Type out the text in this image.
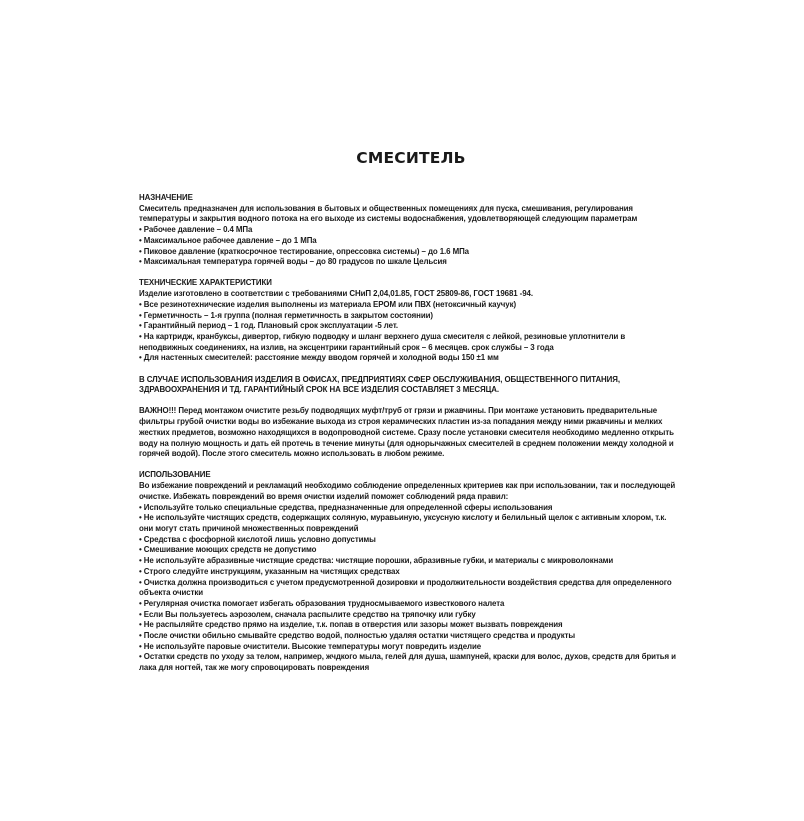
СМЕСИТЕЛЬ
НАЗНАЧЕНИЕ
Смеситель предназначен для использования в бытовых и общественных помещениях для пуска, смешивания, регулирования температуры и закрытия водного потока на его выходе из системы водоснабжения, удовлетворяющей следующим параметрам
• Рабочее давление – 0.4 МПа
• Максимальное рабочее давление – до 1 МПа
• Пиковое давление (краткосрочное тестирование, опрессовка системы) – до 1.6 МПа
• Максимальная температура горячей воды – до 80 градусов по шкале Цельсия
ТЕХНИЧЕСКИЕ ХАРАКТЕРИСТИКИ
Изделие изготовлено в соответствии с требованиями СНиП 2,04,01.85, ГОСТ 25809-86, ГОСТ 19681 -94.
• Все резинотехнические изделия выполнены из материала EPOM или ПВХ (нетоксичный каучук)
• Герметичность – 1-я группа (полная герметичность в закрытом состоянии)
• Гарантийный период – 1 год. Плановый срок эксплуатации -5 лет.
• На картридж, кранбуксы, дивертор, гибкую подводку и шланг верхнего душа смесителя с лейкой, резиновые уплотнители в неподвижных соединениях, на излив, на эксцентрики гарантийный срок – 6 месяцев. срок службы – 3 года
• Для настенных смесителей: расстояние между вводом горячей и холодной воды 150 ±1 мм
В СЛУЧАЕ ИСПОЛЬЗОВАНИЯ ИЗДЕЛИЯ В ОФИСАХ, ПРЕДПРИЯТИЯХ СФЕР ОБСЛУЖИВАНИЯ, ОБЩЕСТВЕННОГО ПИТАНИЯ, ЗДРАВООХРАНЕНИЯ И ТД. ГАРАНТИЙНЫЙ СРОК НА ВСЕ ИЗДЕЛИЯ СОСТАВЛЯЕТ 3 МЕСЯЦА.
ВАЖНО!!! Перед монтажом очистите резьбу подводящих муфт/труб от грязи и ржавчины. При монтаже установить предварительные фильтры грубой очистки воды во избежание выхода из строя керамических пластин из-за попадания между ними ржавчины и мелких жестких предметов, возможно находящихся в водопроводной системе. Сразу после установки смесителя необходимо медленно открыть воду на полную мощность и дать ей протечь в течение минуты (для однорычажных смесителей в среднем положении между холодной и горячей водой). После этого смеситель можно использовать в любом режиме.
ИСПОЛЬЗОВАНИЕ
Во избежание повреждений и рекламаций необходимо соблюдение определенных критериев как при использовании, так и последующей очистке. Избежать повреждений во время очистки изделий поможет соблюдений ряда правил:
• Используйте только специальные средства, предназначенные для определенной сферы использования
• Не используйте чистящих средств, содержащих соляную, муравьиную, уксусную кислоту и белильный щелок с активным хлором, т.к. они могут стать причиной множественных повреждений
• Средства с фосфорной кислотой лишь условно допустимы
• Смешивание моющих средств не допустимо
• Не используйте абразивные чистящие средства: чистящие порошки, абразивные губки, и материалы с микроволокнами
• Строго следуйте инструкциям, указанным на чистящих средствах
• Очистка должна производиться с учетом предусмотренной дозировки и продолжительности воздействия средства для определенного объекта очистки
• Регулярная очистка помогает избегать образования трудносмываемого известкового налета
• Если Вы пользуетесь аэрозолем, сначала распылите средство на тряпочку или губку
• Не распыляйте средство прямо на изделие, т.к. попав в отверстия или зазоры может вызвать повреждения
• После очистки обильно смывайте средство водой, полностью удаляя остатки чистящего средства и продукты
• Не используйте паровые очистители. Высокие температуры могут повредить изделие
• Остатки средств по уходу за телом, например, жчдкого мыла, гелей для душа, шампуней, краски для волос, духов, средств для бритья и лака для ногтей, так же могу спровоцировать повреждения
